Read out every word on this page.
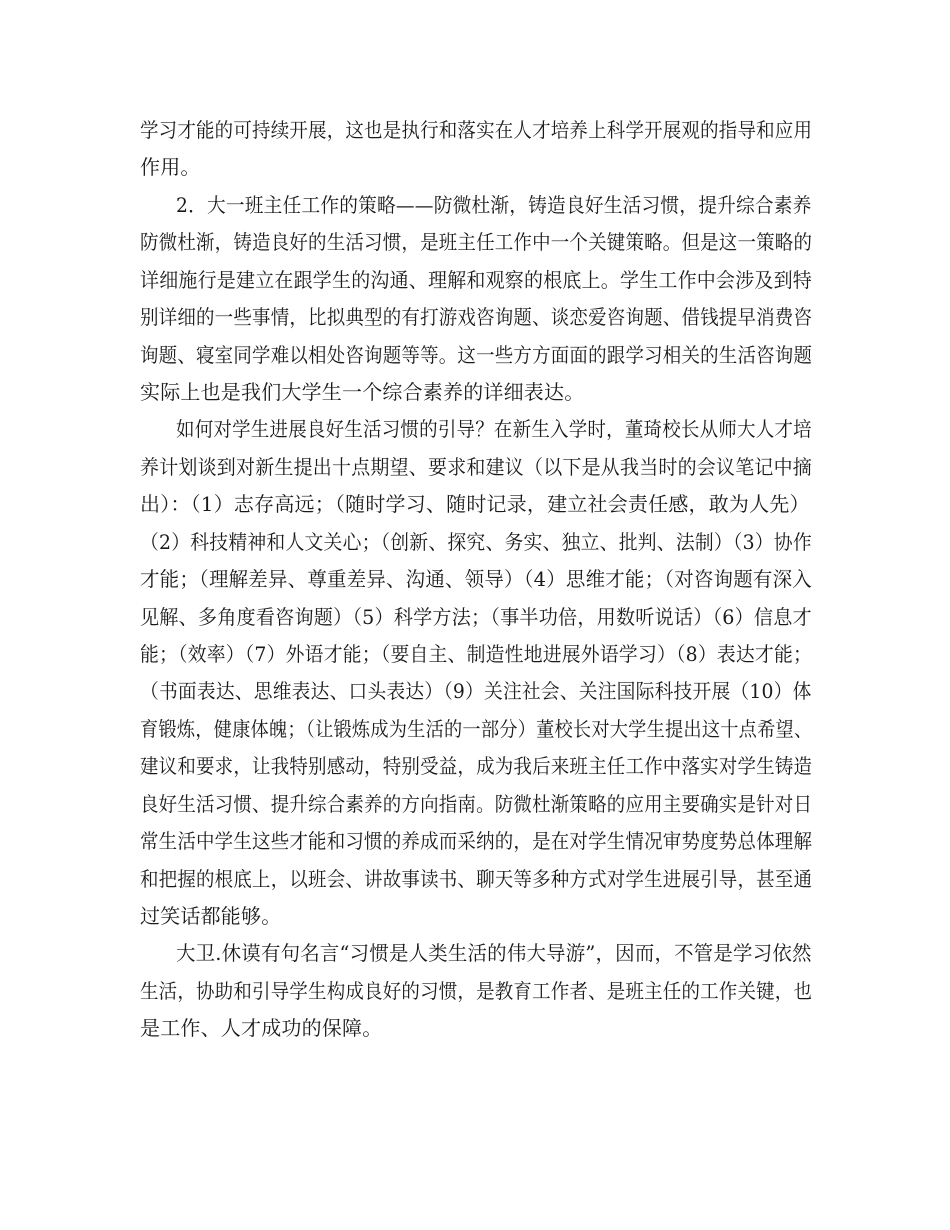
学习才能的可持续开展，这也是执行和落实在人才培养上科学开展观的指导和应用
作用。
2．大一班主任工作的策略——防微杜渐，铸造良好生活习惯，提升综合素养
防微杜渐，铸造良好的生活习惯，是班主任工作中一个关键策略。但是这一策略的
详细施行是建立在跟学生的沟通、理解和观察的根底上。学生工作中会涉及到特
别详细的一些事情，比拟典型的有打游戏咨询题、谈恋爱咨询题、借钱提早消费咨
询题、寝室同学难以相处咨询题等等。这一些方方面面的跟学习相关的生活咨询题
实际上也是我们大学生一个综合素养的详细表达。
如何对学生进展良好生活习惯的引导？在新生入学时，董琦校长从师大人才培
养计划谈到对新生提出十点期望、要求和建议（以下是从我当时的会议笔记中摘
出）：（1）志存高远；（随时学习、随时记录，建立社会责任感，敢为人先）
（2）科技精神和人文关心；（创新、探究、务实、独立、批判、法制）（3）协作
才能；（理解差异、尊重差异、沟通、领导）（4）思维才能；（对咨询题有深入
见解、多角度看咨询题）（5）科学方法；（事半功倍，用数听说话）（6）信息才
能；（效率）（7）外语才能；（要自主、制造性地进展外语学习）（8）表达才能；
（书面表达、思维表达、口头表达）（9）关注社会、关注国际科技开展（10）体
育锻炼，健康体魄；（让锻炼成为生活的一部分）董校长对大学生提出这十点希望、
建议和要求，让我特别感动，特别受益，成为我后来班主任工作中落实对学生铸造
良好生活习惯、提升综合素养的方向指南。防微杜渐策略的应用主要确实是针对日
常生活中学生这些才能和习惯的养成而采纳的，是在对学生情况审势度势总体理解
和把握的根底上，以班会、讲故事读书、聊天等多种方式对学生进展引导，甚至通
过笑话都能够。
大卫.休谟有句名言“习惯是人类生活的伟大导游”，因而，不管是学习依然
生活，协助和引导学生构成良好的习惯，是教育工作者、是班主任的工作关键，也
是工作、人才成功的保障。
